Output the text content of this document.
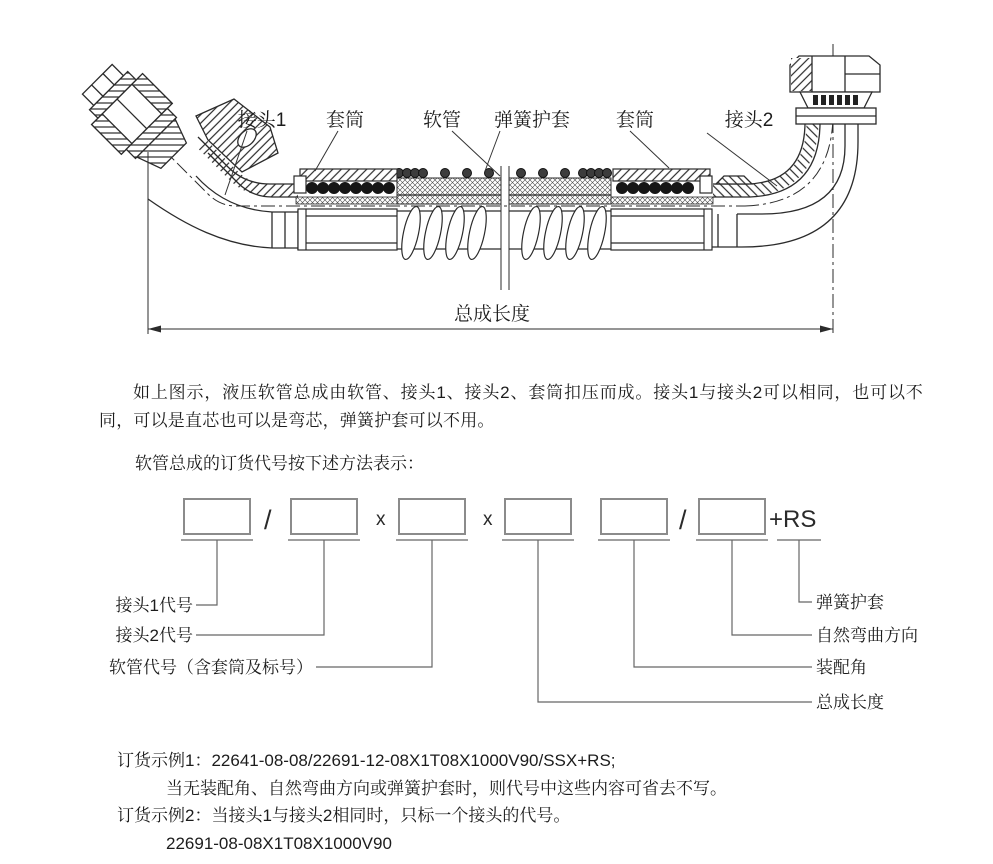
接头1 套筒	软管 弹簧护套 套筒	接头2
总成长度
如上图示，液压软管总成由软管、接头1、接头2、套筒扣压而成。接头1与接头2可以相同，也可以不同，可以是直芯也可以是弯芯，弹簧护套可以不用。
软管总成的订货代号按下述方法表示：
/	x	x	/	+RS
接头1代号
接头2代号
软管代号（含套筒及标号）
弹簧护套
自然弯曲方向
装配角
总成长度
订货示例1：22641-08-08/22691-12-08X1T08X1000V90/SSX+RS;
当无装配角、自然弯曲方向或弹簧护套时，则代号中这些内容可省去不写。
订货示例2：当接头1与接头2相同时，只标一个接头的代号。
22691-08-08X1T08X1000V90
